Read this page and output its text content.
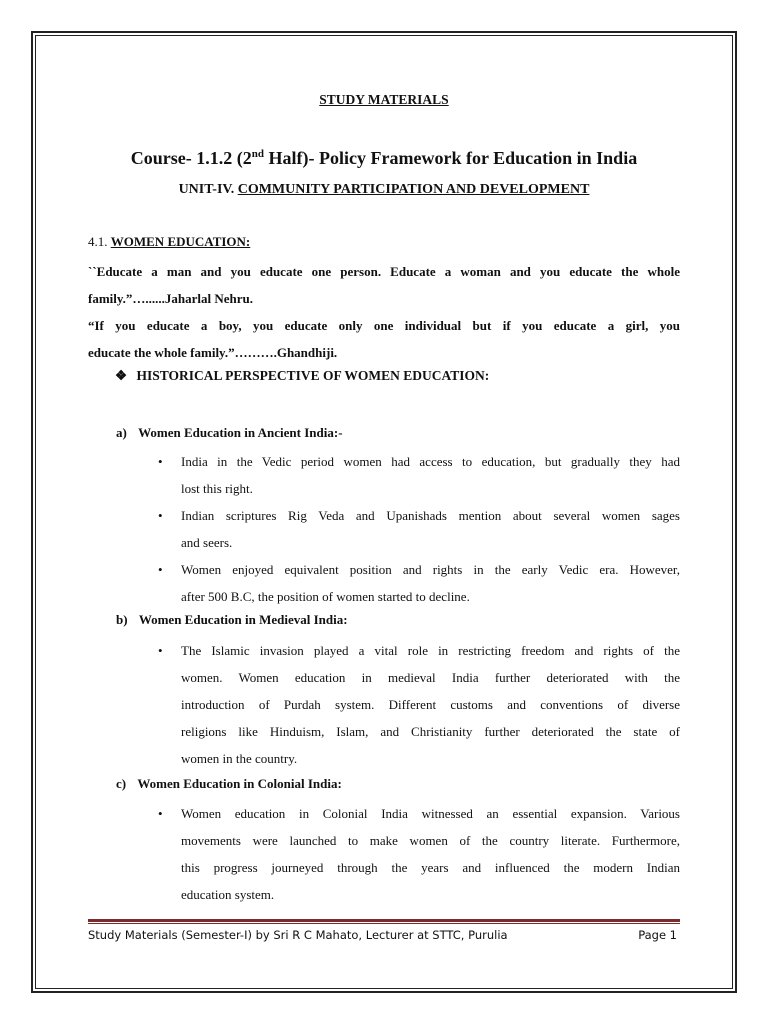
STUDY MATERIALS
Course- 1.1.2 (2nd Half)- Policy Framework for Education in India
UNIT-IV. COMMUNITY PARTICIPATION AND DEVELOPMENT
4.1. WOMEN EDUCATION:
``Educate a man and you educate one person. Educate a woman and you educate the whole
family.”…......Jaharlal Nehru.
“If you educate a boy, you educate only one individual but if you educate a girl, you
educate the whole family.”……….Ghandhiji.
❖ HISTORICAL PERSPECTIVE OF WOMEN EDUCATION:
a) Women Education in Ancient India:-
• India in the Vedic period women had access to education, but gradually they had
lost this right.
• Indian scriptures Rig Veda and Upanishads mention about several women sages
and seers.
• Women enjoyed equivalent position and rights in the early Vedic era. However,
after 500 B.C, the position of women started to decline.
b) Women Education in Medieval India:
• The Islamic invasion played a vital role in restricting freedom and rights of the
women. Women education in medieval India further deteriorated with the
introduction of Purdah system. Different customs and conventions of diverse
religions like Hinduism, Islam, and Christianity further deteriorated the state of
women in the country.
c) Women Education in Colonial India:
• Women education in Colonial India witnessed an essential expansion. Various
movements were launched to make women of the country literate. Furthermore,
this progress journeyed through the years and influenced the modern Indian
education system.
Study Materials (Semester-I) by Sri R C Mahato, Lecturer at STTC, Purulia	Page 1
